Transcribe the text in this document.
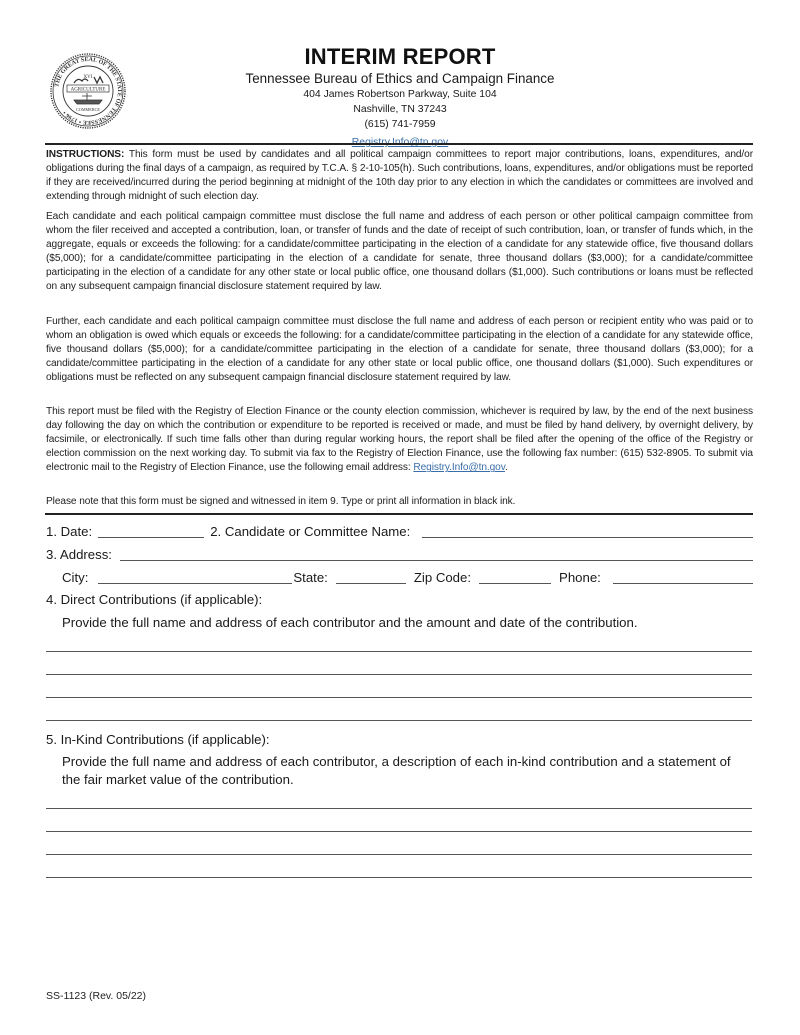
THE GREAT SEAL OF THE STATE OF TENNESSEE • 1796 •
XVI
AGRICULTURE
COMMERCE
INTERIM REPORT
Tennessee Bureau of Ethics and Campaign Finance
404 James Robertson Parkway, Suite 104
Nashville, TN 37243
(615) 741-7959

INSTRUCTIONS: This form must be used by candidates and all political campaign committees to report major contributions, loans, expenditures, and/or obligations during the final days of a campaign, as required by T.C.A. § 2-10-105(h). Such contributions, loans, expenditures, and/or obligations must be reported if they are received/incurred during the period beginning at midnight of the 10th day prior to any election in which the candidates or committees are involved and extending through midnight of such election day.

Each candidate and each political campaign committee must disclose the full name and address of each person or other political campaign committee from whom the filer received and accepted a contribution, loan, or transfer of funds and the date of receipt of such contribution, loan, or transfer of funds which, in the aggregate, equals or exceeds the following: for a candidate/committee participating in the election of a candidate for any statewide office, five thousand dollars ($5,000); for a candidate/committee participating in the election of a candidate for senate, three thousand dollars ($3,000); for a candidate/committee participating in the election of a candidate for any other state or local public office, one thousand dollars ($1,000). Such contributions or loans must be reflected on any subsequent campaign financial disclosure statement required by law.
Further, each candidate and each political campaign committee must disclose the full name and address of each person or recipient entity who was paid or to whom an obligation is owed which equals or exceeds the following: for a candidate/committee participating in the election of a candidate for any statewide office, five thousand dollars ($5,000); for a candidate/committee participating in the election of a candidate for senate, three thousand dollars ($3,000); for a candidate/committee participating in the election of a candidate for any other state or local public office, one thousand dollars ($1,000). Such expenditures or obligations must be reflected on any subsequent campaign financial disclosure statement required by law.
This report must be filed with the Registry of Election Finance or the county election commission, whichever is required by law, by the end of the next business day following the day on which the contribution or expenditure to be reported is received or made, and must be filed by hand delivery, by overnight delivery, by facsimile, or electronically. If such time falls other than during regular working hours, the report shall be filed after the opening of the office of the Registry or election commission on the next working day. To submit via fax to the Registry of Election Finance, use the following fax number: (615) 532-8905. To submit via electronic mail to the Registry of Election Finance, use the following email address: Registry.Info@tn.gov.
Please note that this form must be signed and witnessed in item 9. Type or print all information in black ink.
1. Date:	2. Candidate or Committee Name:
3. Address:
City:	State:	Zip Code:	Phone:
4. Direct Contributions (if applicable):
Provide the full name and address of each contributor and the amount and date of the contribution.
5. In-Kind Contributions (if applicable):
Provide the full name and address of each contributor, a description of each in-kind contribution and a statement of the fair market value of the contribution.
SS-1123 (Rev. 05/22)
